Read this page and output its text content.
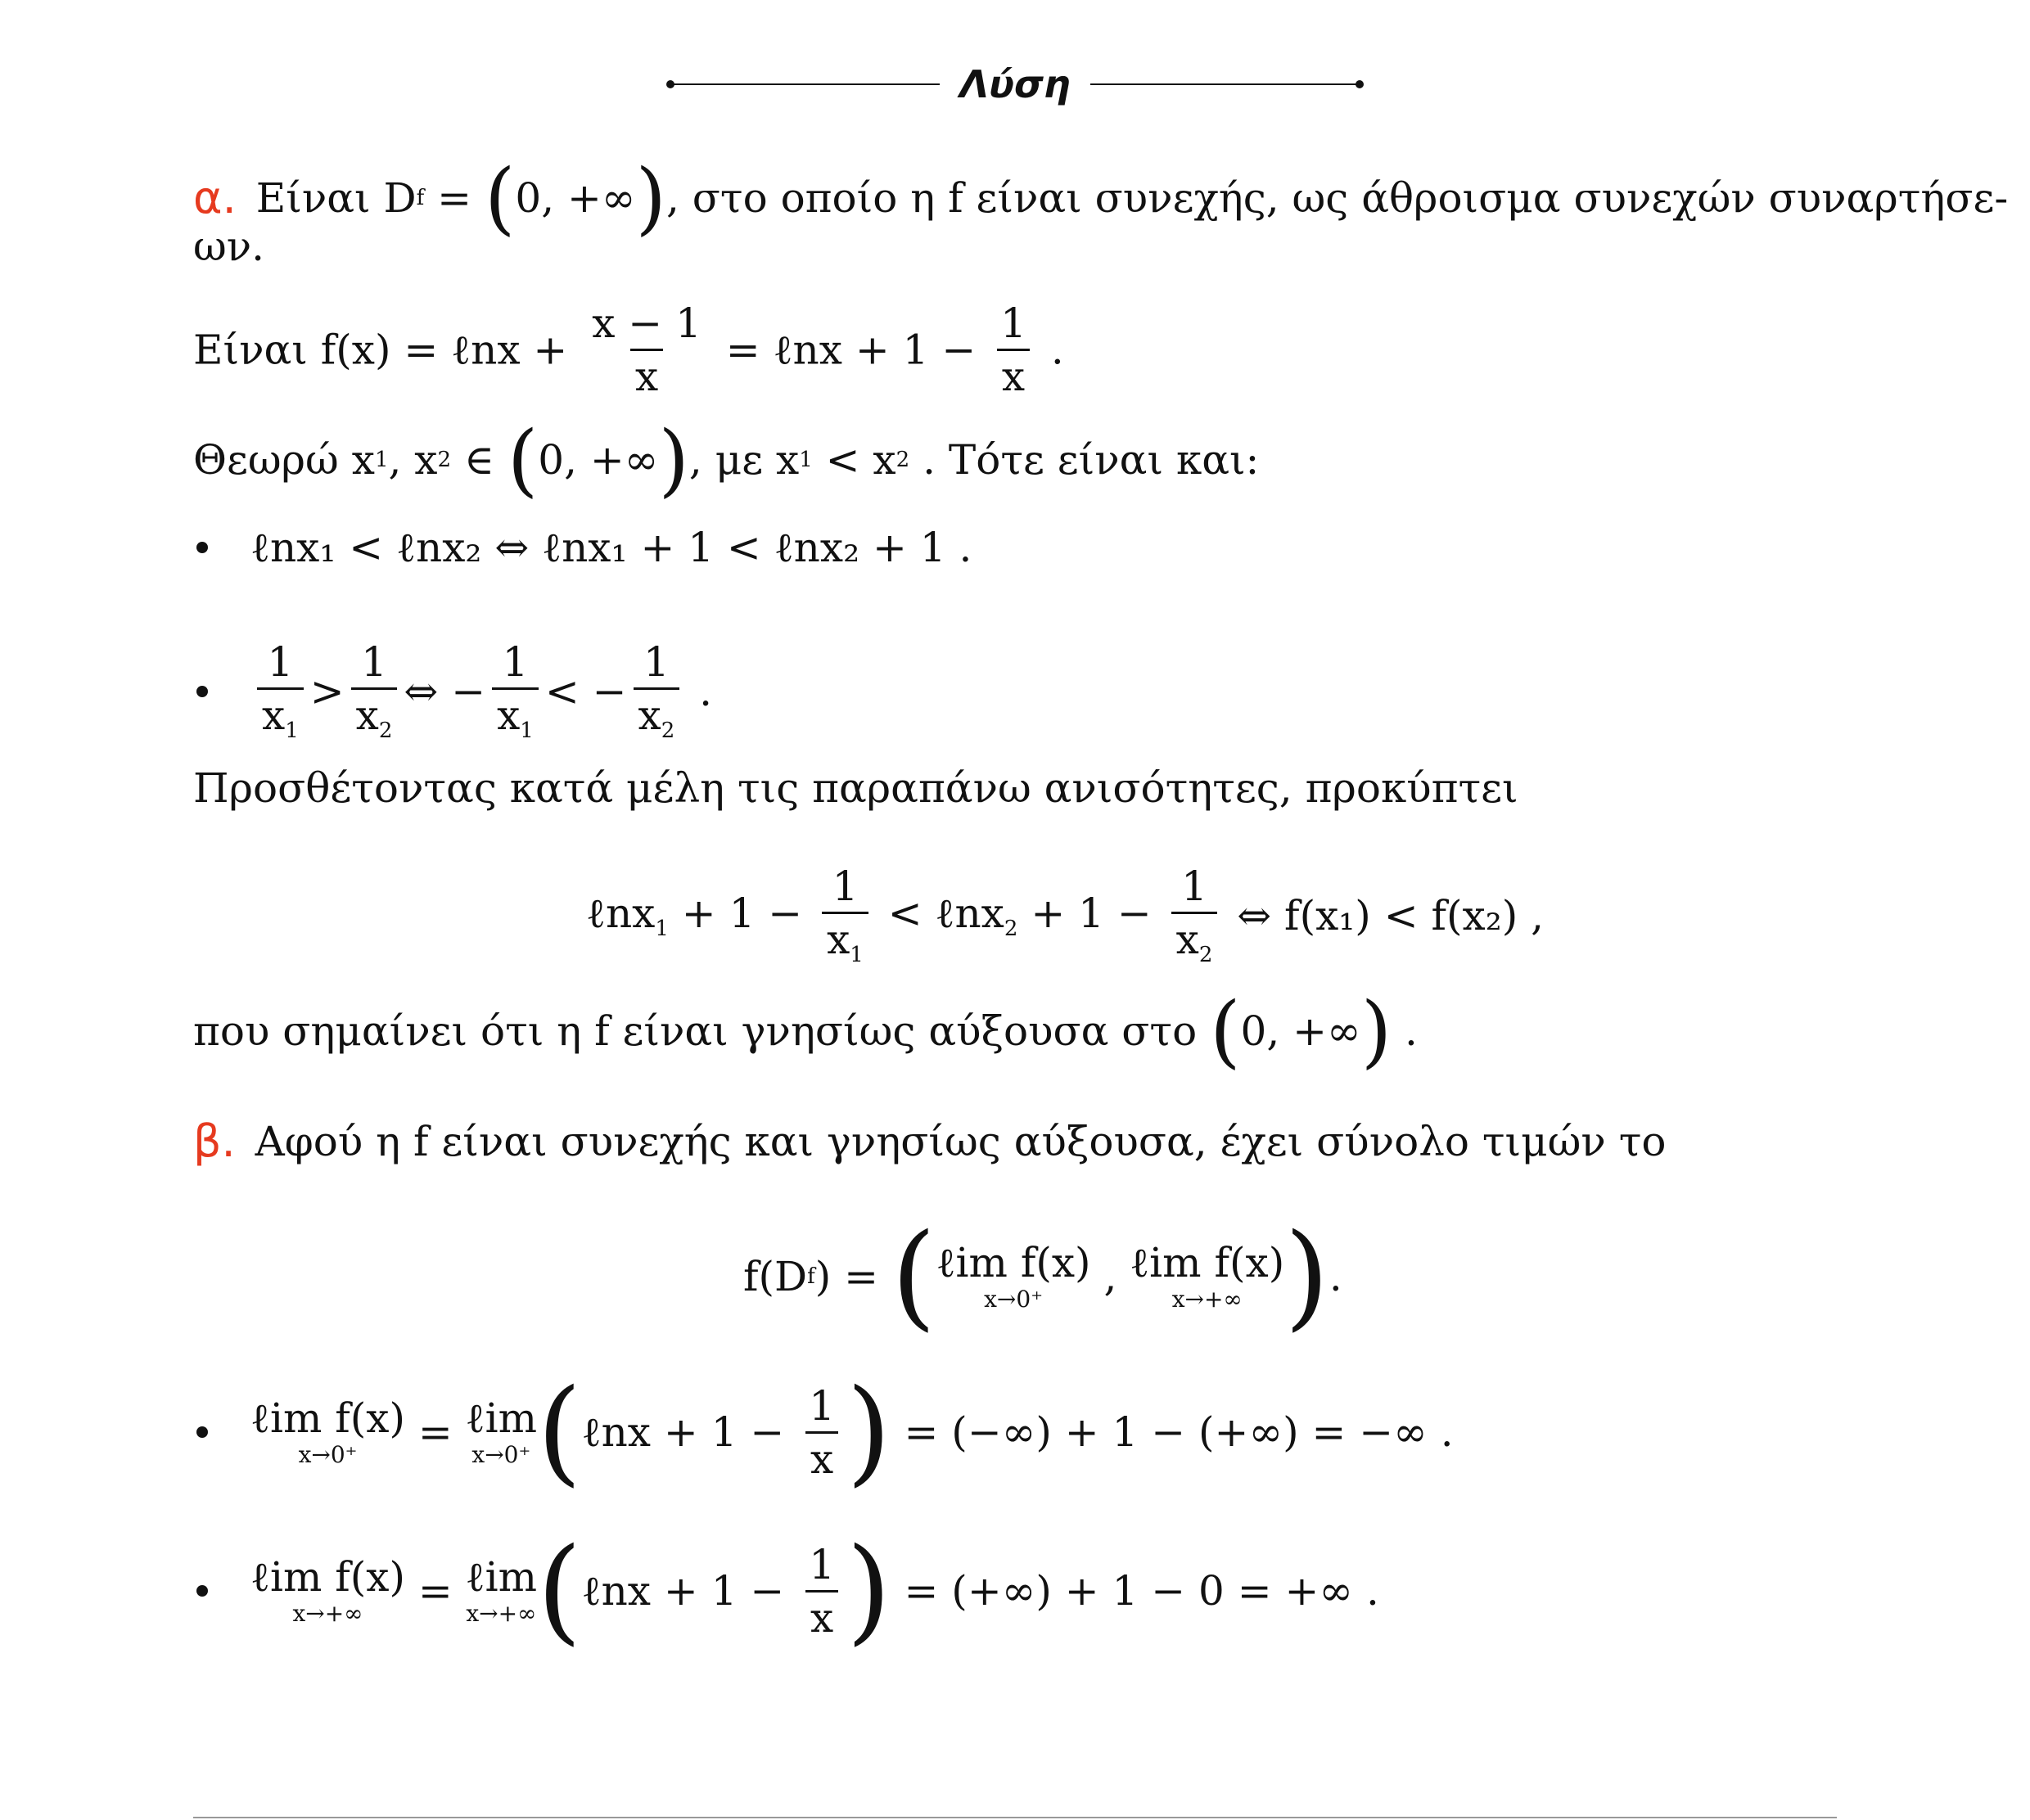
Λύση
α. Είναι Df = (0, +∞), στο οποίο η f είναι συνεχής, ως άθροισμα συνεχών συναρτήσε-
ων.
Είναι f(x) = ℓnx + $\frac{x - 1}{x}$ = ℓnx + $1 - \frac{1}{x}$ .
Θεωρώ x1, x2 ∈ (0, +∞), με x1 < x2 . Τότε είναι και:
ℓnx₁ < ℓnx₂ ⇔ ℓnx₁ + 1 < ℓnx₂ + 1 .
$\frac{1}{x_1} > \frac{1}{x_2}$ ⇔ − $\frac{1}{x_1}$ < − $\frac{1}{x_2}$ .
Προσθέτοντας κατά μέλη τις παραπάνω ανισότητες, προκύπτει
ℓnx$_1$ + $1 - \frac{1}{x_1}$ < ℓnx$_2$ + $1 - \frac{1}{x_2}$ ⇔ f(x₁) < f(x₂) ,
που σημαίνει ότι η f είναι γνησίως αύξουσα στο (0, +∞) .
β. Αφού η f είναι συνεχής και γνησίως αύξουσα, έχει σύνολο τιμών το
f(Df) = ( ℓim f(x)
x→0⁺ , ℓim f(x)
x→+∞ ).
ℓim f(x)
x→0⁺ = ℓim
x→0⁺ (ℓnx + $1 - \frac{1}{x}$ ) = (−∞) + 1 − (+∞) = −∞ .
ℓim f(x)
x→+∞ = ℓim
x→+∞ (ℓnx + $1 - \frac{1}{x}$ ) = (+∞) + 1 − 0 = +∞ .
